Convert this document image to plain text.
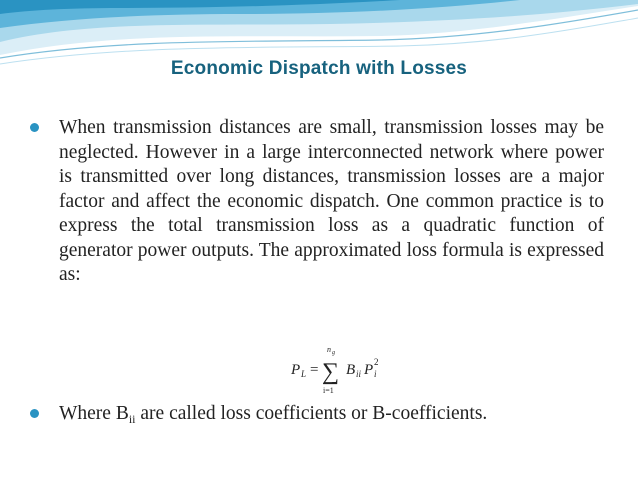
Economic Dispatch with Losses
When transmission distances are small, transmission losses may be neglected. However in a large interconnected network where power is transmitted over long distances, transmission losses are a major factor and affect the economic dispatch. One common practice is to express the total transmission loss as a quadratic function of generator power outputs. The approximated loss formula is expressed as:
P L =
n g
∑
i=1
B ii P i
2
Where $B_{ii}$ are called loss coefficients or B-coefficients.
